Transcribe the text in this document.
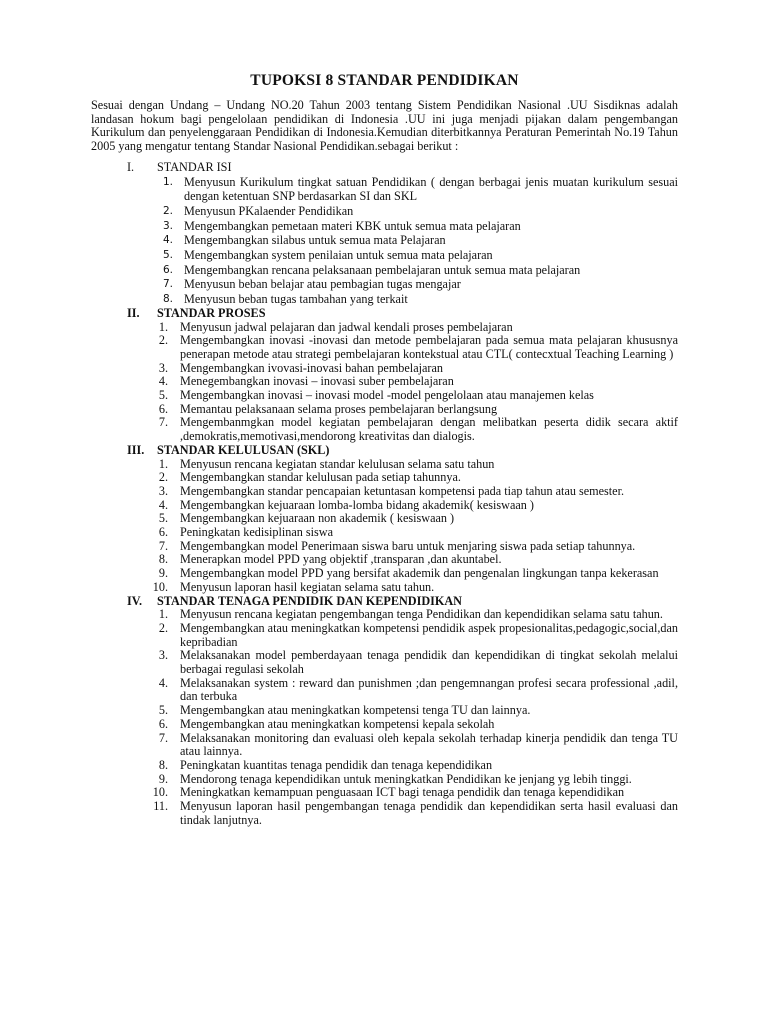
TUPOKSI 8 STANDAR PENDIDIKAN

Sesuai dengan Undang – Undang NO.20 Tahun 2003 tentang Sistem Pendidikan Nasional .UU Sisdiknas adalah landasan hokum bagi pengelolaan pendidikan di Indonesia .UU ini juga menjadi pijakan dalam pengembangan Kurikulum dan penyelenggaraan Pendidikan di Indonesia.Kemudian diterbitkannya Peraturan Pemerintah No.19 Tahun 2005 yang mengatur tentang Standar Nasional Pendidikan.sebagai berikut :

I.	STANDAR ISI
1. Menyusun Kurikulum tingkat satuan Pendidikan ( dengan berbagai jenis muatan kurikulum sesuai dengan ketentuan SNP berdasarkan SI dan SKL
2. Menyusun PKalaender Pendidikan
3. Mengembangkan pemetaan materi KBK untuk semua mata pelajaran
4. Mengembangkan silabus untuk semua mata Pelajaran
5. Mengembangkan system penilaian untuk semua mata pelajaran
6. Mengembangkan rencana pelaksanaan pembelajaran untuk semua mata pelajaran
7. Menyusun beban belajar atau pembagian tugas mengajar
8. Menyusun beban tugas tambahan yang terkait
II.	STANDAR PROSES
1. Menyusun jadwal pelajaran dan jadwal kendali proses pembelajaran
2. Mengembangkan inovasi -inovasi dan metode pembelajaran pada semua mata pelajaran khususnya penerapan metode atau strategi pembelajaran kontekstual atau CTL( contecxtual Teaching Learning )
3. Mengembangkan ivovasi-inovasi bahan pembelajaran
4. Menegembangkan inovasi – inovasi suber pembelajaran
5. Mengembangkan inovasi – inovasi model -model pengelolaan atau manajemen kelas
6. Memantau pelaksanaan selama proses pembelajaran berlangsung
7. Mengembanmgkan model kegiatan pembelajaran dengan melibatkan peserta didik secara aktif ,demokratis,memotivasi,mendorong kreativitas dan dialogis.
III.	STANDAR KELULUSAN (SKL)
1. Menyusun rencana kegiatan standar kelulusan selama satu tahun
2. Mengembangkan standar kelulusan pada setiap tahunnya.
3. Mengembangkan standar pencapaian ketuntasan kompetensi pada tiap tahun atau semester.
4. Mengembangkan kejuaraan lomba-lomba bidang akademik( kesiswaan )
5. Mengembangkan kejuaraan non akademik ( kesiswaan )
6. Peningkatan kedisiplinan siswa
7. Mengembangkan model Penerimaan siswa baru untuk menjaring siswa pada setiap tahunnya.
8. Menerapkan model PPD yang objektif ,transparan ,dan akuntabel.
9. Mengembangkan model PPD yang bersifat akademik dan pengenalan lingkungan tanpa kekerasan
10. Menyusun laporan hasil kegiatan selama satu tahun.
IV.	STANDAR TENAGA PENDIDIK DAN KEPENDIDIKAN
1. Menyusun rencana kegiatan pengembangan tenga Pendidikan dan kependidikan selama satu tahun.
2. Mengembangkan atau meningkatkan kompetensi pendidik aspek propesionalitas,pedagogic,social,dan kepribadian
3. Melaksanakan model pemberdayaan tenaga pendidik dan kependidikan di tingkat sekolah melalui berbagai regulasi sekolah
4. Melaksanakan system : reward dan punishmen ;dan pengemnangan profesi secara professional ,adil, dan terbuka
5. Mengembangkan atau meningkatkan kompetensi tenga TU dan lainnya.
6. Mengembangkan atau meningkatkan kompetensi kepala sekolah
7. Melaksanakan monitoring dan evaluasi oleh kepala sekolah terhadap kinerja pendidik dan tenga TU atau lainnya.
8. Peningkatan kuantitas tenaga pendidik dan tenaga kependidikan
9. Mendorong tenaga kependidikan untuk meningkatkan Pendidikan ke jenjang yg lebih tinggi.
10. Meningkatkan kemampuan penguasaan ICT bagi tenaga pendidik dan tenaga kependidikan
11. Menyusun laporan hasil pengembangan tenaga pendidik dan kependidikan serta hasil evaluasi dan tindak lanjutnya.
